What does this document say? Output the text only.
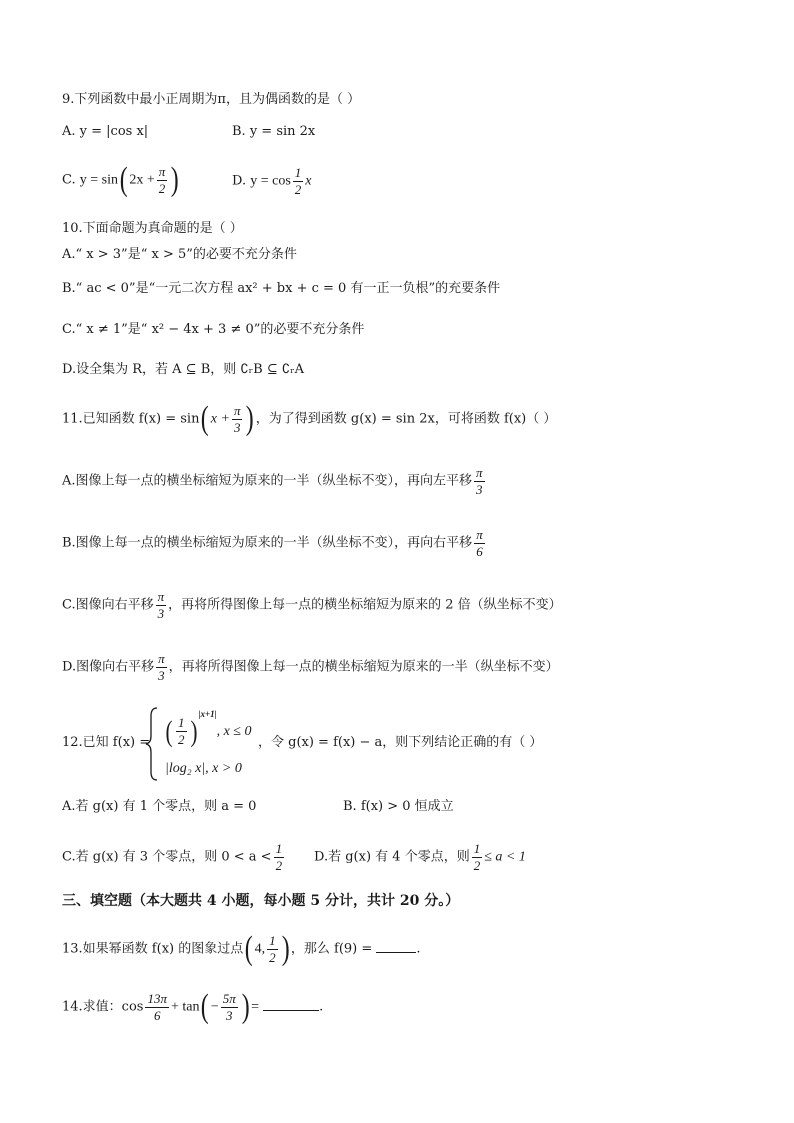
9.下列函数中最小正周期为π，且为偶函数的是（ ）
A. y = |cos x|	B. y = sin 2x
C. y = sin( $2x + \frac{\pi}{2}$ )	D. $y = \cos \frac{1}{2}$ x
10.下面命题为真命题的是（ ）
A.“ x > 3”是“ x > 5”的必要不充分条件
B.“ ac < 0”是“一元二次方程 ax² + bx + c = 0 有一正一负根”的充要条件
C.“ x ≠ 1”是“ x² − 4x + 3 ≠ 0”的必要不充分条件
D.设全集为 R，若 A ⊆ B，则 ∁ᵣB ⊆ ∁ᵣA
11.已知函数 f(x) = sin( $x + \frac{\pi}{3}$ ) ，为了得到函数 g(x) = sin 2x，可将函数 f(x)（ ）
A.图像上每一点的横坐标缩短为原来的一半（纵坐标不变），再向左平移 $\frac{\pi}{3}$
B.图像上每一点的横坐标缩短为原来的一半（纵坐标不变），再向右平移 $\frac{\pi}{6}$
C.图像向右平移 $\frac{\pi}{3}$ ，再将所得图像上每一点的横坐标缩短为原来的 2 倍（纵坐标不变）
D.图像向右平移 $\frac{\pi}{3}$ ，再将所得图像上每一点的横坐标缩短为原来的一半（纵坐标不变）
12.已知 f(x) = ( $\frac{1}{2} )^{|x+1|}$, x ≤ 0
|log₂ x|, x > 0
，令 g(x) = f(x) − a，则下列结论正确的有（ ）
A.若 g(x) 有 1 个零点，则 a = 0	B. f(x) > 0 恒成立
C.若 g(x) 有 3 个零点，则 $0 < a < \frac{1}{2} D$.若 g(x) 有 4 个零点，则 $\frac{1}{2} \le a < 1$
三、填空题（本大题共 4 小题，每小题 5 分计，共计 20 分。）
13.如果幂函数 f(x) 的图象过点( 4, $\frac{1}{2}$ ) ，那么 f(9) =	.
14.求值：$\cos \frac{13\pi}{6} + \tan( - \frac{5\pi}{3}$ ) =	.
